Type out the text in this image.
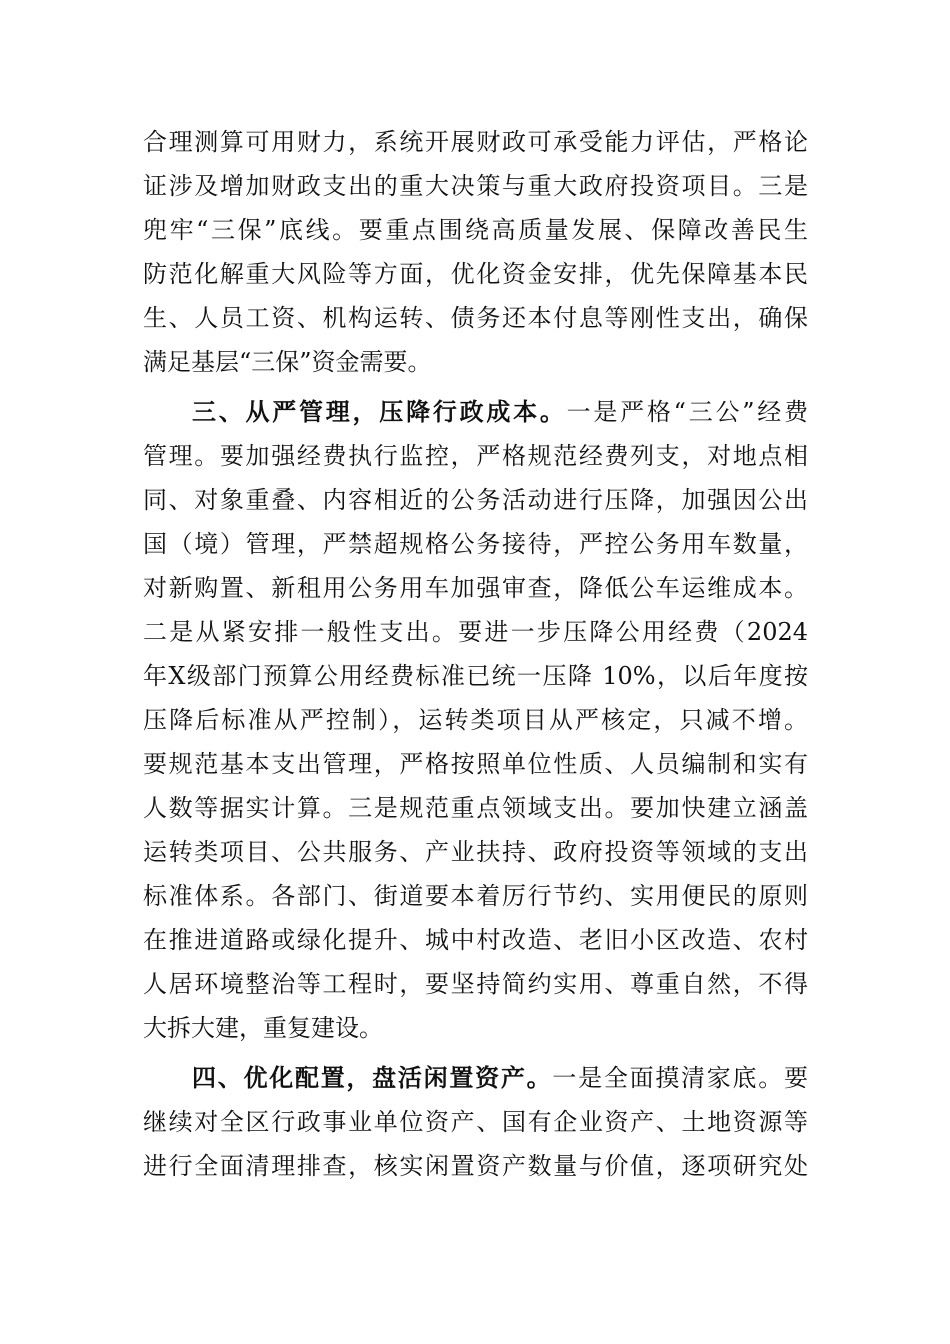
合理测算可用财力，系统开展财政可承受能力评估，严格论
证涉及增加财政支出的重大决策与重大政府投资项目。三是
兜牢“三保”底线。要重点围绕高质量发展、保障改善民生
防范化解重大风险等方面，优化资金安排，优先保障基本民
生、人员工资、机构运转、债务还本付息等刚性支出，确保
满足基层“三保”资金需要。
三、从严管理，压降行政成本。一是严格“三公”经费
管理。要加强经费执行监控，严格规范经费列支，对地点相
同、对象重叠、内容相近的公务活动进行压降，加强因公出
国（境）管理，严禁超规格公务接待，严控公务用车数量，
对新购置、新租用公务用车加强审查，降低公车运维成本。
二是从紧安排一般性支出。要进一步压降公用经费（2024
年X级部门预算公用经费标准已统一压降 10%，以后年度按
压降后标准从严控制），运转类项目从严核定，只减不增。
要规范基本支出管理，严格按照单位性质、人员编制和实有
人数等据实计算。三是规范重点领域支出。要加快建立涵盖
运转类项目、公共服务、产业扶持、政府投资等领域的支出
标准体系。各部门、街道要本着厉行节约、实用便民的原则
在推进道路或绿化提升、城中村改造、老旧小区改造、农村
人居环境整治等工程时，要坚持简约实用、尊重自然，不得
大拆大建，重复建设。
四、优化配置，盘活闲置资产。一是全面摸清家底。要
继续对全区行政事业单位资产、国有企业资产、土地资源等
进行全面清理排查，核实闲置资产数量与价值，逐项研究处
